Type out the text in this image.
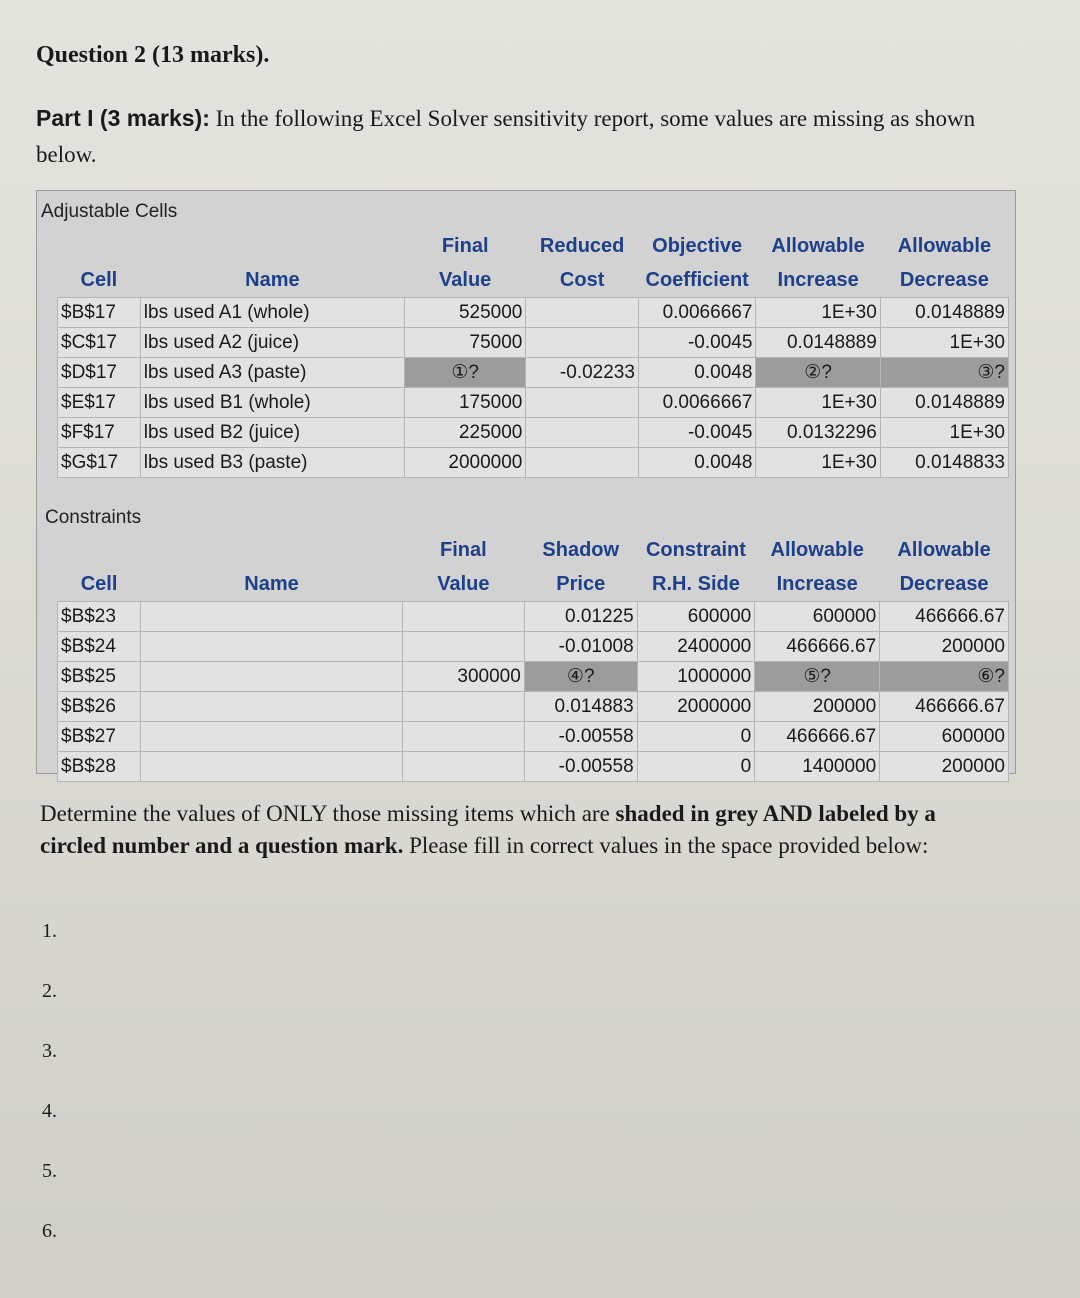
Question 2 (13 marks).
Part I (3 marks): In the following Excel Solver sensitivity report, some values are missing as shown below.
Adjustable Cells
		Final	Reduced	Objective	Allowable	Allowable
Cell	Name	Value	Cost	Coefficient	Increase	Decrease
$B$17	lbs used A1 (whole)	525000		0.0066667	1E+30	0.0148889
$C$17	lbs used A2 (juice)	75000		-0.0045	0.0148889	1E+30
$D$17	lbs used A3 (paste)	①?	-0.02233	0.0048	②?	③?
$E$17	lbs used B1 (whole)	175000		0.0066667	1E+30	0.0148889
$F$17	lbs used B2 (juice)	225000		-0.0045	0.0132296	1E+30
$G$17	lbs used B3 (paste)	2000000		0.0048	1E+30	0.0148833
Constraints
		Final	Shadow	Constraint	Allowable	Allowable
Cell	Name	Value	Price	R.H. Side	Increase	Decrease
$B$23			0.01225	600000	600000	466666.67
$B$24			-0.01008	2400000	466666.67	200000
$B$25		300000	④?	1000000	⑤?	⑥?
$B$26			0.014883	2000000	200000	466666.67
$B$27			-0.00558	0	466666.67	600000
$B$28			-0.00558	0	1400000	200000
Determine the values of ONLY those missing items which are shaded in grey AND labeled by a circled number and a question mark. Please fill in correct values in the space provided below:
1.
2.
3.
4.
5.
6.
